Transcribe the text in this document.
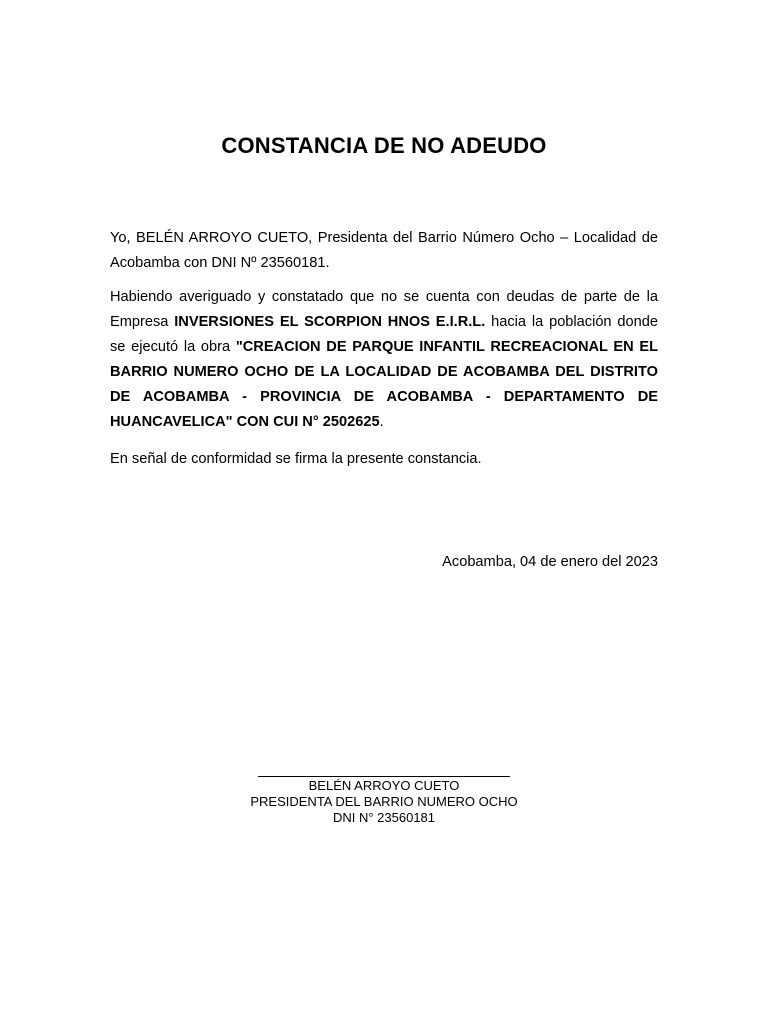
CONSTANCIA DE NO ADEUDO
Yo, BELÉN ARROYO CUETO, Presidenta del Barrio Número Ocho – Localidad de Acobamba con DNI Nº 23560181.
Habiendo averiguado y constatado que no se cuenta con deudas de parte de la Empresa INVERSIONES EL SCORPION HNOS E.I.R.L. hacia la población donde se ejecutó la obra "CREACION DE PARQUE INFANTIL RECREACIONAL EN EL BARRIO NUMERO OCHO DE LA LOCALIDAD DE ACOBAMBA DEL DISTRITO DE ACOBAMBA - PROVINCIA DE ACOBAMBA - DEPARTAMENTO DE HUANCAVELICA" CON CUI N° 2502625.
En señal de conformidad se firma la presente constancia.
Acobamba, 04 de enero del 2023
BELÉN ARROYO CUETO
PRESIDENTA DEL BARRIO NUMERO OCHO
DNI N° 23560181
